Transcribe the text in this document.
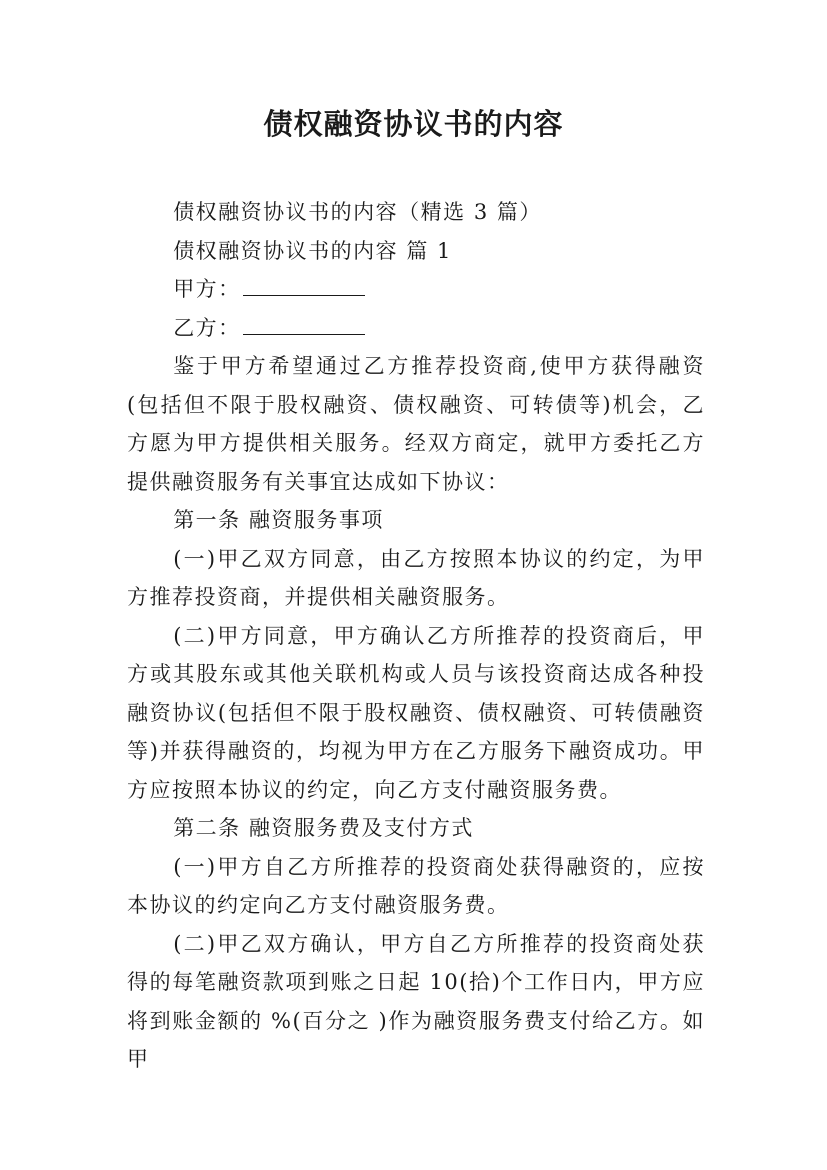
债权融资协议书的内容

债权融资协议书的内容（精选 3 篇）

债权融资协议书的内容 篇 1

甲方：

乙方：

鉴于甲方希望通过乙方推荐投资商,使甲方获得融资(包括但不限于股权融资、债权融资、可转债等)机会，乙方愿为甲方提供相关服务。经双方商定，就甲方委托乙方提供融资服务有关事宜达成如下协议：

第一条 融资服务事项

(一)甲乙双方同意，由乙方按照本协议的约定，为甲方推荐投资商，并提供相关融资服务。

(二)甲方同意，甲方确认乙方所推荐的投资商后，甲方或其股东或其他关联机构或人员与该投资商达成各种投融资协议(包括但不限于股权融资、债权融资、可转债融资等)并获得融资的，均视为甲方在乙方服务下融资成功。甲方应按照本协议的约定，向乙方支付融资服务费。

第二条 融资服务费及支付方式

(一)甲方自乙方所推荐的投资商处获得融资的，应按本协议的约定向乙方支付融资服务费。

(二)甲乙双方确认，甲方自乙方所推荐的投资商处获得的每笔融资款项到账之日起 10(拾)个工作日内，甲方应将到账金额的 %(百分之 )作为融资服务费支付给乙方。如甲
